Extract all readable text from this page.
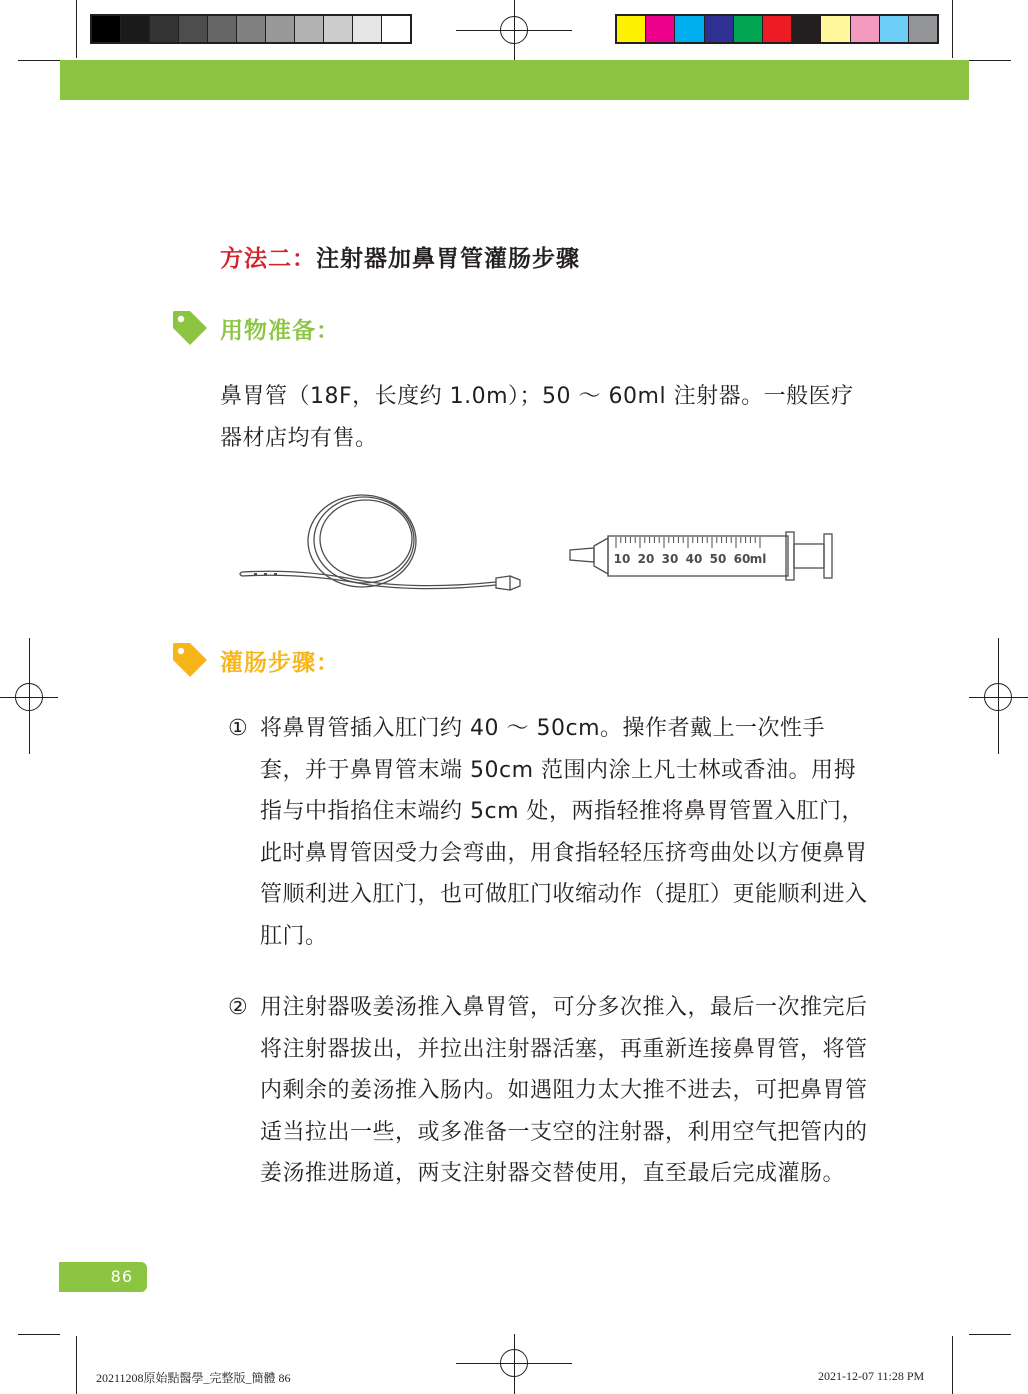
方法二：注射器加鼻胃管灌肠步骤
用物准备：
鼻胃管（18F，长度约 1.0m）；50 ～ 60ml 注射器。一般医疗器材店均有售。
10 20 30 40 50 60 ml
灌肠步骤：
① 将鼻胃管插入肛门约 40 ～ 50cm。操作者戴上一次性手套，并于鼻胃管末端 50cm 范围内涂上凡士林或香油。用拇指与中指掐住末端约 5cm 处，两指轻推将鼻胃管置入肛门，此时鼻胃管因受力会弯曲，用食指轻轻压挤弯曲处以方便鼻胃管顺利进入肛门，也可做肛门收缩动作（提肛）更能顺利进入肛门。
② 用注射器吸姜汤推入鼻胃管，可分多次推入，最后一次推完后将注射器拔出，并拉出注射器活塞，再重新连接鼻胃管，将管内剩余的姜汤推入肠内。如遇阻力太大推不进去，可把鼻胃管适当拉出一些，或多准备一支空的注射器，利用空气把管内的姜汤推进肠道，两支注射器交替使用，直至最后完成灌肠。
86
20211208原始點醫學_完整版_簡體 86	2021-12-07 11:28 PM
